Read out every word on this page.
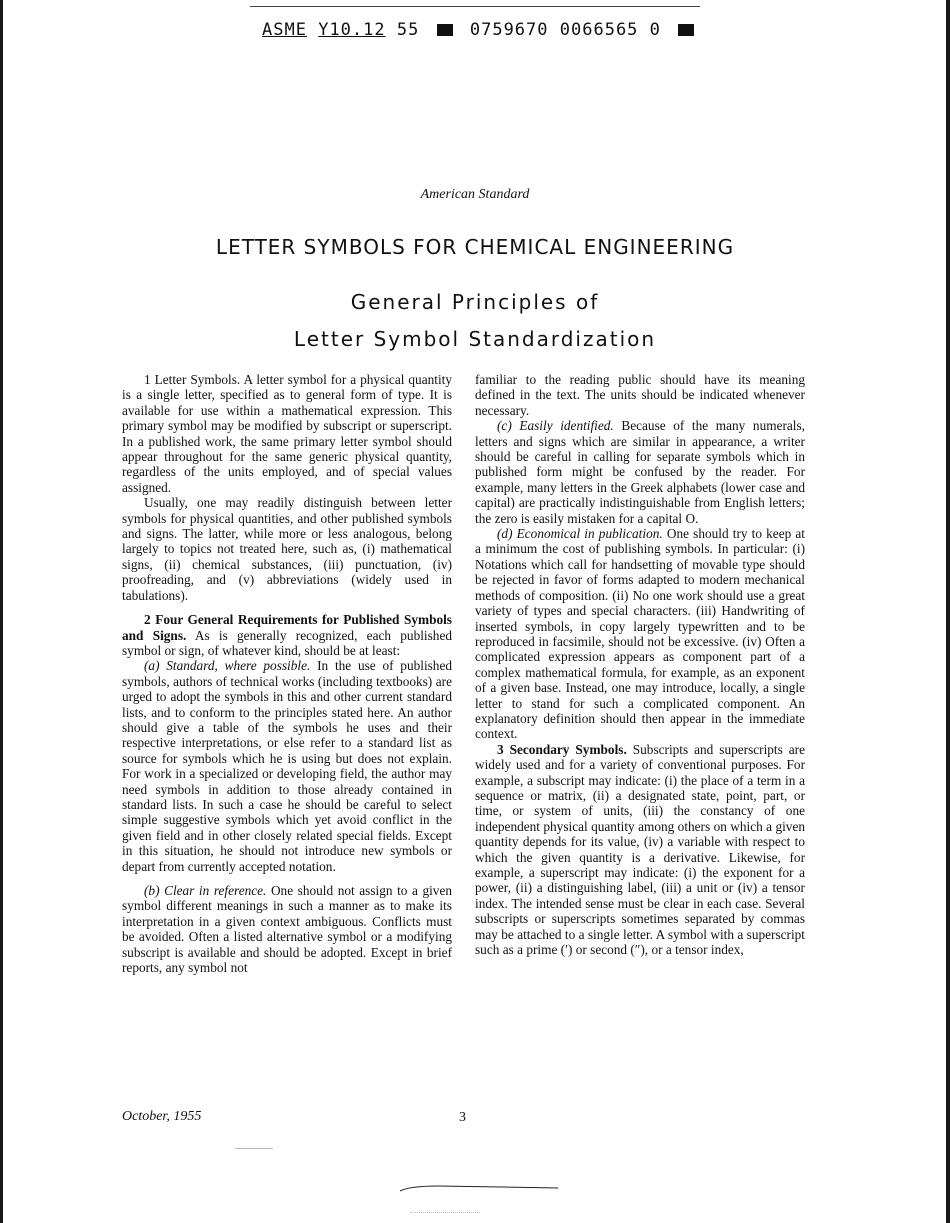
ASME Y10.12 55	0759670 0066565 0
American Standard
LETTER SYMBOLS FOR CHEMICAL ENGINEERING
General Principles of
Letter Symbol Standardization

1 Letter Symbols. A letter symbol for a physical quantity is a single letter, specified as to general form of type. It is available for use within a mathematical expression. This primary symbol may be modified by subscript or superscript. In a published work, the same primary letter symbol should appear throughout for the same generic physical quantity, regardless of the units employed, and of special values assigned.

Usually, one may readily distinguish between letter symbols for physical quantities, and other published symbols and signs. The latter, while more or less analogous, belong largely to topics not treated here, such as, (i) mathematical signs, (ii) chemical substances, (iii) punctuation, (iv) proofreading, and (v) abbreviations (widely used in tabulations).

2 Four General Requirements for Published Symbols and Signs. As is generally recognized, each published symbol or sign, of whatever kind, should be at least:

(a) Standard, where possible. In the use of published symbols, authors of technical works (including textbooks) are urged to adopt the symbols in this and other current standard lists, and to conform to the principles stated here. An author should give a table of the symbols he uses and their respective interpretations, or else refer to a standard list as source for symbols which he is using but does not explain. For work in a specialized or developing field, the author may need symbols in addition to those already contained in standard lists. In such a case he should be careful to select simple suggestive symbols which yet avoid conflict in the given field and in other closely related special fields. Except in this situation, he should not introduce new symbols or depart from currently accepted notation.

(b) Clear in reference. One should not assign to a given symbol different meanings in such a manner as to make its interpretation in a given context ambiguous. Conflicts must be avoided. Often a listed alternative symbol or a modifying subscript is available and should be adopted. Except in brief reports, any symbol not

familiar to the reading public should have its meaning defined in the text. The units should be indicated whenever necessary.

(c) Easily identified. Because of the many numerals, letters and signs which are similar in appearance, a writer should be careful in calling for separate symbols which in published form might be confused by the reader. For example, many letters in the Greek alphabets (lower case and capital) are practically indistinguishable from English letters; the zero is easily mistaken for a capital O.

(d) Economical in publication. One should try to keep at a minimum the cost of publishing symbols. In particular: (i) Notations which call for handsetting of movable type should be rejected in favor of forms adapted to modern mechanical methods of composition. (ii) No one work should use a great variety of types and special characters. (iii) Handwriting of inserted symbols, in copy largely typewritten and to be reproduced in facsimile, should not be excessive. (iv) Often a complicated expression appears as component part of a complex mathematical formula, for example, as an exponent of a given base. Instead, one may introduce, locally, a single letter to stand for such a complicated component. An explanatory definition should then appear in the immediate context.

3 Secondary Symbols. Subscripts and superscripts are widely used and for a variety of conventional purposes. For example, a subscript may indicate: (i) the place of a term in a sequence or matrix, (ii) a designated state, point, part, or time, or system of units, (iii) the constancy of one independent physical quantity among others on which a given quantity depends for its value, (iv) a variable with respect to which the given quantity is a derivative. Likewise, for example, a superscript may indicate: (i) the exponent for a power, (ii) a distinguishing label, (iii) a unit or (iv) a tensor index. The intended sense must be clear in each case. Several subscripts or superscripts sometimes separated by commas may be attached to a single letter. A symbol with a superscript such as a prime (′) or second (″), or a tensor index,

October, 1955	3
